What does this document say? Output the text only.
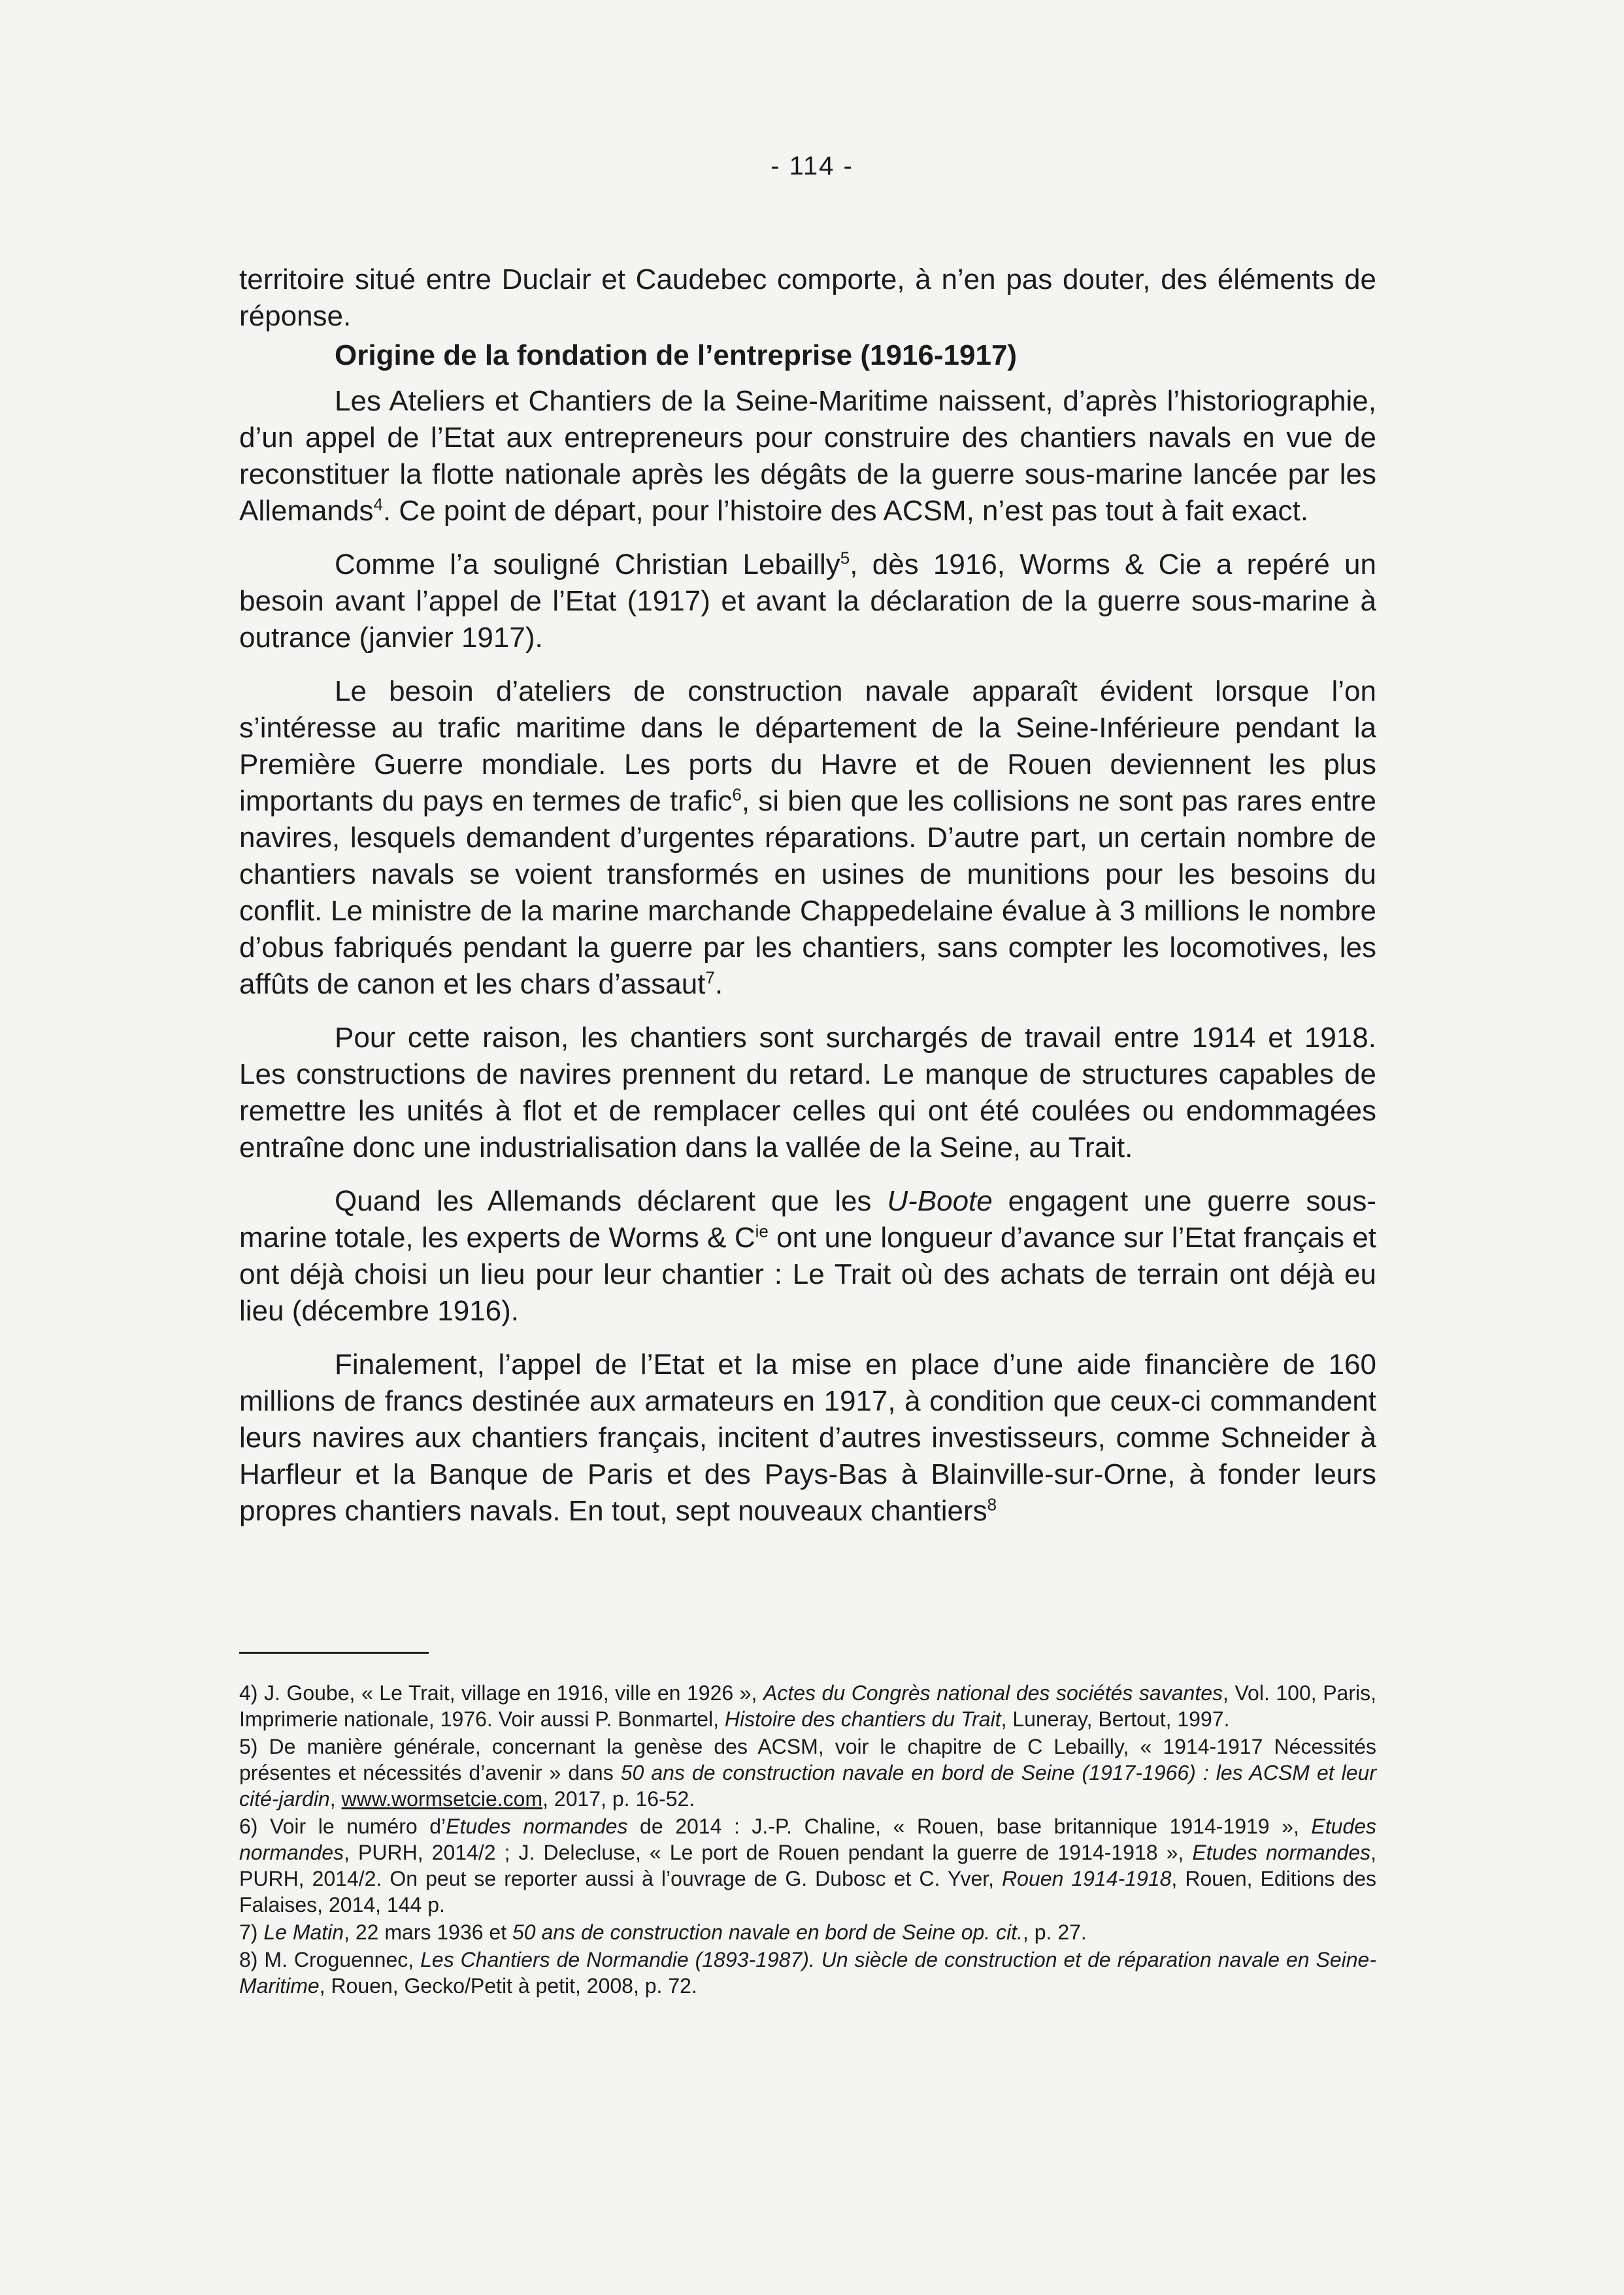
- 114 -

territoire situé entre Duclair et Caudebec comporte, à n’en pas douter, des éléments de réponse.

Origine de la fondation de l’entreprise (1916-1917)

Les Ateliers et Chantiers de la Seine-Maritime naissent, d’après l’historiographie, d’un appel de l’Etat aux entrepreneurs pour construire des chantiers navals en vue de reconstituer la flotte nationale après les dégâts de la guerre sous-marine lancée par les Allemands$^4$. Ce point de départ, pour l’histoire des ACSM, n’est pas tout à fait exact.

Comme l’a souligné Christian Lebailly$^5$, dès 1916, Worms & Cie a repéré un besoin avant l’appel de l’Etat (1917) et avant la déclaration de la guerre sous-marine à outrance (janvier 1917).

Le besoin d’ateliers de construction navale apparaît évident lorsque l’on s’intéresse au trafic maritime dans le département de la Seine-Inférieure pendant la Première Guerre mondiale. Les ports du Havre et de Rouen deviennent les plus importants du pays en termes de trafic$^6$, si bien que les collisions ne sont pas rares entre navires, lesquels demandent d’urgentes réparations. D’autre part, un certain nombre de chantiers navals se voient transformés en usines de munitions pour les besoins du conflit. Le ministre de la marine marchande Chappedelaine évalue à 3 millions le nombre d’obus fabriqués pendant la guerre par les chantiers, sans compter les locomotives, les affûts de canon et les chars d’assaut$^7$.

Pour cette raison, les chantiers sont surchargés de travail entre 1914 et 1918. Les constructions de navires prennent du retard. Le manque de structures capables de remettre les unités à flot et de remplacer celles qui ont été coulées ou endommagées entraîne donc une industrialisation dans la vallée de la Seine, au Trait.

Quand les Allemands déclarent que les U-Boote engagent une guerre sous-marine totale, les experts de Worms & $C^{ie}$ ont une longueur d’avance sur l’Etat français et ont déjà choisi un lieu pour leur chantier : Le Trait où des achats de terrain ont déjà eu lieu (décembre 1916).

Finalement, l’appel de l’Etat et la mise en place d’une aide financière de 160 millions de francs destinée aux armateurs en 1917, à condition que ceux-ci commandent leurs navires aux chantiers français, incitent d’autres investisseurs, comme Schneider à Harfleur et la Banque de Paris et des Pays-Bas à Blainville-sur-Orne, à fonder leurs propres chantiers navals. En tout, sept nouveaux chantiers$^8$

4) J. Goube, « Le Trait, village en 1916, ville en 1926 », Actes du Congrès national des sociétés savantes, Vol. 100, Paris, Imprimerie nationale, 1976. Voir aussi P. Bonmartel, Histoire des chantiers du Trait, Luneray, Bertout, 1997.

5) De manière générale, concernant la genèse des ACSM, voir le chapitre de C Lebailly, « 1914-1917 Nécessités présentes et nécessités d’avenir » dans 50 ans de construction navale en bord de Seine (1917-1966) : les ACSM et leur cité-jardin, www.wormsetcie.com, 2017, p. 16-52.

6) Voir le numéro d’Etudes normandes de 2014 : J.-P. Chaline, « Rouen, base britannique 1914-1919 », Etudes normandes, PURH, 2014/2 ; J. Delecluse, « Le port de Rouen pendant la guerre de 1914-1918 », Etudes normandes, PURH, 2014/2. On peut se reporter aussi à l’ouvrage de G. Dubosc et C. Yver, Rouen 1914-1918, Rouen, Editions des Falaises, 2014, 144 p.

7) Le Matin, 22 mars 1936 et 50 ans de construction navale en bord de Seine op. cit., p. 27.

8) M. Croguennec, Les Chantiers de Normandie (1893-1987). Un siècle de construction et de réparation navale en Seine-Maritime, Rouen, Gecko/Petit à petit, 2008, p. 72.
